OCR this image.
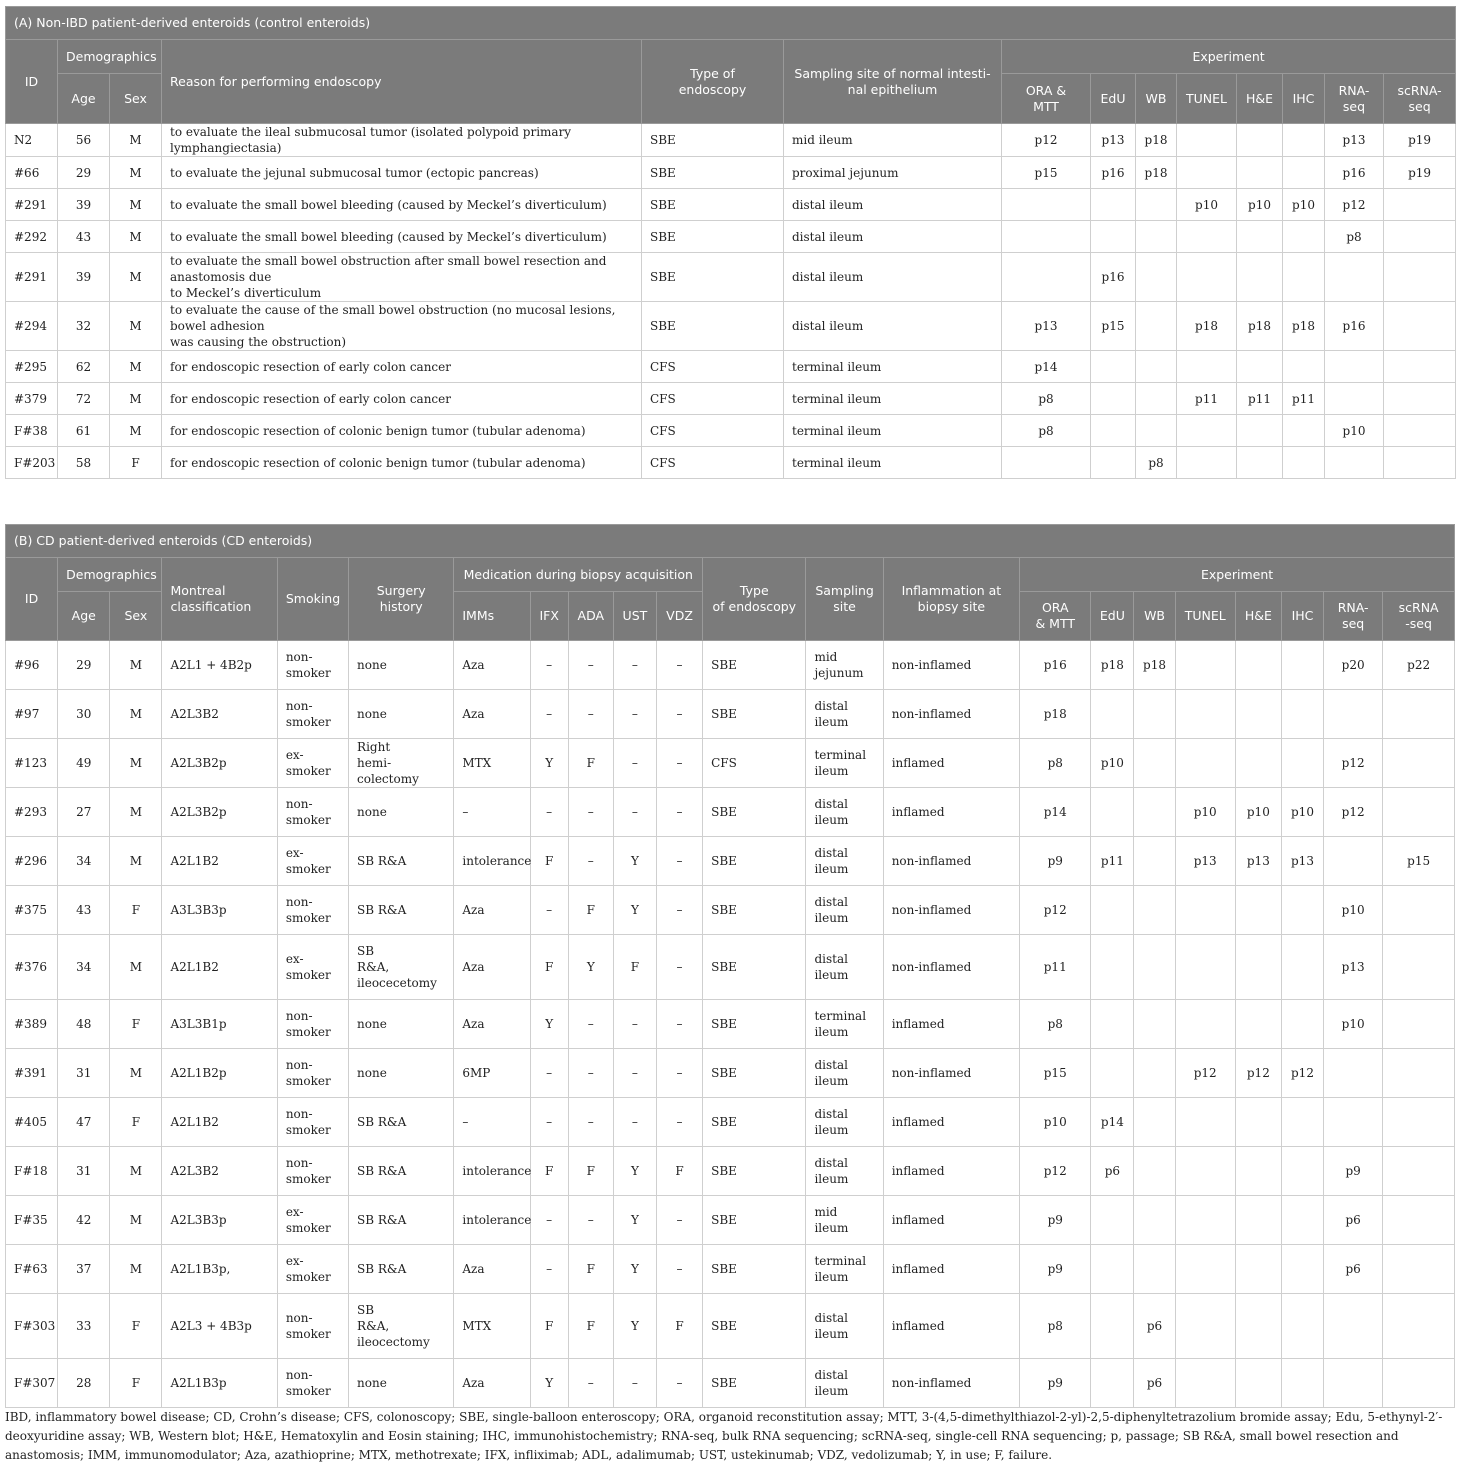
(A) Non-IBD patient-derived enteroids (control enteroids)													
ID	Demographics		Reason for performing endoscopy	Type of
endoscopy	Sampling site of normal intesti-
nal epithelium	Experiment							
	Age	Sex				ORA &
MTT	EdU	WB	TUNEL	H&E	IHC	RNA-
seq	scRNA-
seq
N2	56	M	to evaluate the ileal submucosal tumor (isolated polypoid primary lymphangiectasia)	SBE	mid ileum	p12	p13	p18				p13	p19
#66	29	M	to evaluate the jejunal submucosal tumor (ectopic pancreas)	SBE	proximal jejunum	p15	p16	p18				p16	p19
#291	39	M	to evaluate the small bowel bleeding (caused by Meckel’s diverticulum)	SBE	distal ileum				p10	p10	p10	p12	
#292	43	M	to evaluate the small bowel bleeding (caused by Meckel’s diverticulum)	SBE	distal ileum							p8	
#291	39	M	to evaluate the small bowel obstruction after small bowel resection and anastomosis due
to Meckel’s diverticulum	SBE	distal ileum		p16						
#294	32	M	to evaluate the cause of the small bowel obstruction (no mucosal lesions, bowel adhesion
was causing the obstruction)	SBE	distal ileum	p13	p15		p18	p18	p18	p16	
#295	62	M	for endoscopic resection of early colon cancer	CFS	terminal ileum	p14							
#379	72	M	for endoscopic resection of early colon cancer	CFS	terminal ileum	p8			p11	p11	p11		
F#38	61	M	for endoscopic resection of colonic benign tumor (tubular adenoma)	CFS	terminal ileum	p8						p10	
F#203	58	F	for endoscopic resection of colonic benign tumor (tubular adenoma)	CFS	terminal ileum			p8					
(B) CD patient-derived enteroids (CD enteroids)																					
ID	Demographics		Montreal
classification	Smoking	Surgery
history	Medication during biopsy acquisition					Type
of endoscopy	Sampling
site	Inflammation at
biopsy site	Experiment							
	Age	Sex				IMMs	IFX	ADA	UST	VDZ				ORA
& MTT	EdU	WB	TUNEL	H&E	IHC	RNA-
seq	scRNA
-seq
#96	29	M	A2L1 + 4B2p	non-
smoker	none	Aza	–	–	–	–	SBE	mid
jejunum	non-inflamed	p16	p18	p18				p20	p22
#97	30	M	A2L3B2	non-
smoker	none	Aza	–	–	–	–	SBE	distal
ileum	non-inflamed	p18							
#123	49	M	A2L3B2p	ex-
smoker	Right
hemi-colectomy	MTX	Y	F	–	–	CFS	terminal
ileum	inflamed	p8	p10					p12	
#293	27	M	A2L3B2p	non-
smoker	none	–	–	–	–	–	SBE	distal
ileum	inflamed	p14			p10	p10	p10	p12	
#296	34	M	A2L1B2	ex-
smoker	SB R&A	intolerance	F	–	Y	–	SBE	distal
ileum	non-inflamed	p9	p11		p13	p13	p13		p15
#375	43	F	A3L3B3p	non-
smoker	SB R&A	Aza	–	F	Y	–	SBE	distal
ileum	non-inflamed	p12						p10	
#376	34	M	A2L1B2	ex-
smoker	SB
R&A,
ileocecetomy	Aza	F	Y	F	–	SBE	distal
ileum	non-inflamed	p11						p13	
#389	48	F	A3L3B1p	non-
smoker	none	Aza	Y	–	–	–	SBE	terminal
ileum	inflamed	p8						p10	
#391	31	M	A2L1B2p	non-
smoker	none	6MP	–	–	–	–	SBE	distal
ileum	non-inflamed	p15			p12	p12	p12		
#405	47	F	A2L1B2	non-
smoker	SB R&A	–	–	–	–	–	SBE	distal
ileum	inflamed	p10	p14						
F#18	31	M	A2L3B2	non-
smoker	SB R&A	intolerance	F	F	Y	F	SBE	distal
ileum	inflamed	p12	p6					p9	
F#35	42	M	A2L3B3p	ex-
smoker	SB R&A	intolerance	–	–	Y	–	SBE	mid ileum	inflamed	p9						p6	
F#63	37	M	A2L1B3p,	ex-
smoker	SB R&A	Aza	–	F	Y	–	SBE	terminal
ileum	inflamed	p9						p6	
F#303	33	F	A2L3 + 4B3p	non-
smoker	SB
R&A,
ileocectomy	MTX	F	F	Y	F	SBE	distal
ileum	inflamed	p8		p6					
F#307	28	F	A2L1B3p	non-
smoker	none	Aza	Y	–	–	–	SBE	distal
ileum	non-inflamed	p9		p6					
IBD, inflammatory bowel disease; CD, Crohn’s disease; CFS, colonoscopy; SBE, single-balloon enteroscopy; ORA, organoid reconstitution assay; MTT, 3-(4,5-dimethylthiazol-2-yl)-2,5-diphenyltetrazolium bromide assay; Edu, 5-ethynyl-2′-deoxyuridine assay; WB, Western blot; H&E, Hematoxylin and Eosin staining; IHC, immunohistochemistry; RNA-seq, bulk RNA sequencing; scRNA-seq, single-cell RNA sequencing; p, passage; SB R&A, small bowel resection and anastomosis; IMM, immunomodulator; Aza, azathioprine; MTX, methotrexate; IFX, infliximab; ADL, adalimumab; UST, ustekinumab; VDZ, vedolizumab; Y, in use; F, failure.
